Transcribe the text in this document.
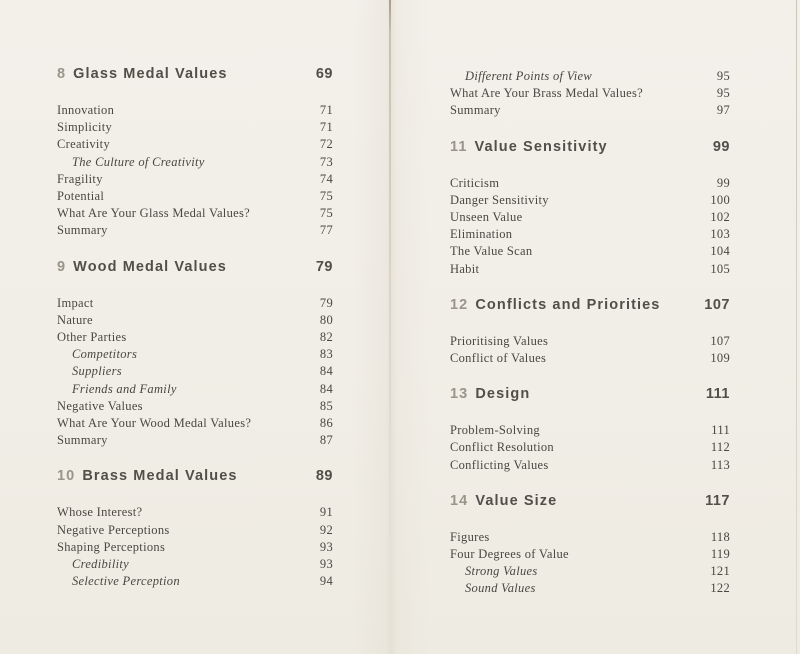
8 Glass Medal Values	69
Innovation	71
Simplicity	71
Creativity	72
The Culture of Creativity	73
Fragility	74
Potential	75
What Are Your Glass Medal Values?	75
Summary	77
9 Wood Medal Values	79
Impact	79
Nature	80
Other Parties	82
Competitors	83
Suppliers	84
Friends and Family	84
Negative Values	85
What Are Your Wood Medal Values?	86
Summary	87
10 Brass Medal Values	89
Whose Interest?	91
Negative Perceptions	92
Shaping Perceptions	93
Credibility	93
Selective Perception	94
Different Points of View	95
What Are Your Brass Medal Values?	95
Summary	97
11 Value Sensitivity	99
Criticism	99
Danger Sensitivity	100
Unseen Value	102
Elimination	103
The Value Scan	104
Habit	105
12 Conflicts and Priorities	107
Prioritising Values	107
Conflict of Values	109
13 Design	111
Problem-Solving	111
Conflict Resolution	112
Conflicting Values	113
14 Value Size	117
Figures	118
Four Degrees of Value	119
Strong Values	121
Sound Values	122
